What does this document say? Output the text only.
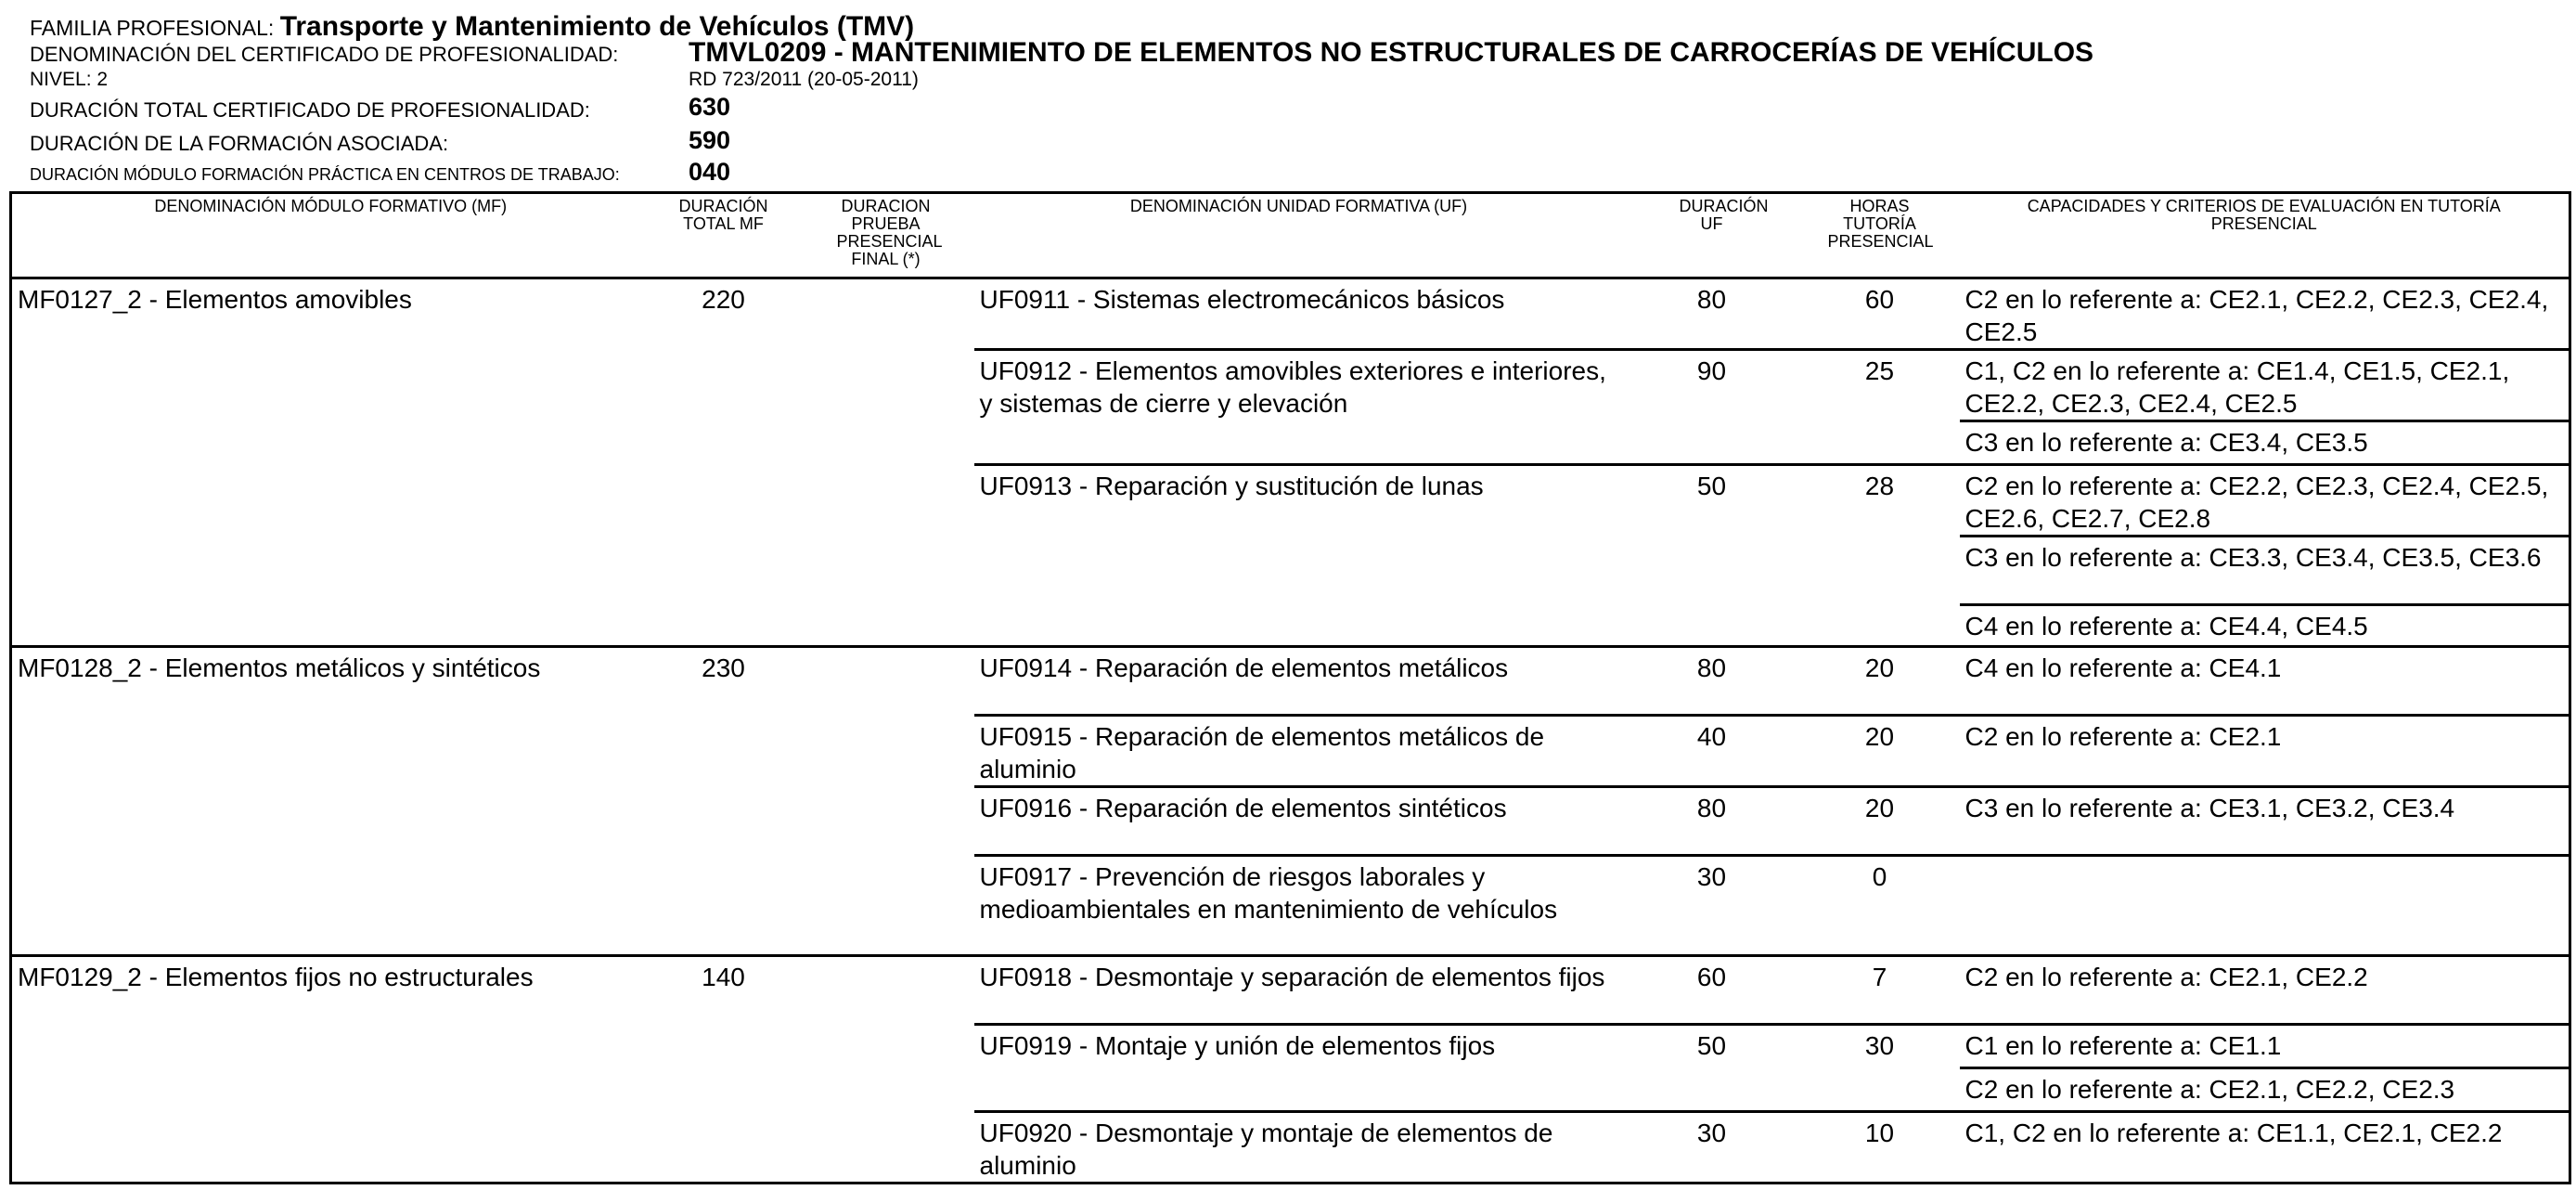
FAMILIA PROFESIONAL: Transporte y Mantenimiento de Vehículos (TMV)
DENOMINACIÓN DEL CERTIFICADO DE PROFESIONALIDAD:	TMVL0209 - MANTENIMIENTO DE ELEMENTOS NO ESTRUCTURALES DE CARROCERÍAS DE VEHÍCULOS
NIVEL: 2	RD 723/2011 (20-05-2011)
DURACIÓN TOTAL CERTIFICADO DE PROFESIONALIDAD:	630
DURACIÓN DE LA FORMACIÓN ASOCIADA:	590
DURACIÓN MÓDULO FORMACIÓN PRÁCTICA EN CENTROS DE TRABAJO:	040
DENOMINACIÓN MÓDULO FORMATIVO (MF)	DURACIÓN TOTAL MF	DURACION PRUEBA PRESENCIAL FINAL (*)	DENOMINACIÓN UNIDAD FORMATIVA (UF)	DURACIÓN UF	HORAS TUTORÍA PRESENCIAL	CAPACIDADES Y CRITERIOS DE EVALUACIÓN EN TUTORÍA PRESENCIAL
MF0127_2 - Elementos amovibles	220		UF0911 - Sistemas electromecánicos básicos	80	60	C2 en lo referente a: CE2.1, CE2.2, CE2.3, CE2.4, CE2.5
			UF0912 - Elementos amovibles exteriores e interiores, y sistemas de cierre y elevación	90	25	C1, C2 en lo referente a: CE1.4, CE1.5, CE2.1, CE2.2, CE2.3, CE2.4, CE2.5
						C3 en lo referente a: CE3.4, CE3.5
			UF0913 - Reparación y sustitución de lunas	50	28	C2 en lo referente a: CE2.2, CE2.3, CE2.4, CE2.5, CE2.6, CE2.7, CE2.8
						C3 en lo referente a: CE3.3, CE3.4, CE3.5, CE3.6
						C4 en lo referente a: CE4.4, CE4.5
MF0128_2 - Elementos metálicos y sintéticos	230		UF0914 - Reparación de elementos metálicos	80	20	C4 en lo referente a: CE4.1
			UF0915 - Reparación de elementos metálicos de aluminio	40	20	C2 en lo referente a: CE2.1
			UF0916 - Reparación de elementos sintéticos	80	20	C3 en lo referente a: CE3.1, CE3.2, CE3.4
			UF0917 - Prevención de riesgos laborales y medioambientales en mantenimiento de vehículos	30	0	
MF0129_2 - Elementos fijos no estructurales	140		UF0918 - Desmontaje y separación de elementos fijos	60	7	C2 en lo referente a: CE2.1, CE2.2
			UF0919 - Montaje y unión de elementos fijos	50	30	C1 en lo referente a: CE1.1
						C2 en lo referente a: CE2.1, CE2.2, CE2.3
			UF0920 - Desmontaje y montaje de elementos de aluminio	30	10	C1, C2 en lo referente a: CE1.1, CE2.1, CE2.2
